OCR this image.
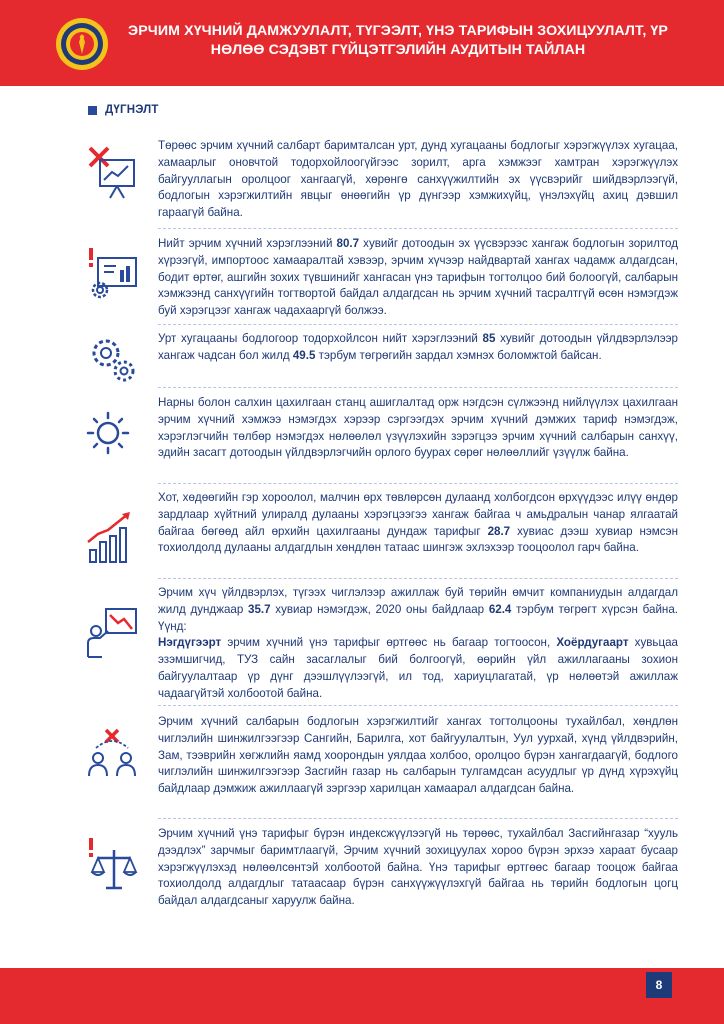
ЭРЧИМ ХҮЧНИЙ ДАМЖУУЛАЛТ, ТҮГЭЭЛТ, ҮНЭ ТАРИФЫН ЗОХИЦУУЛАЛТ, ҮР
НӨЛӨӨ СЭДЭВТ ГҮЙЦЭТГЭЛИЙН АУДИТЫН ТАЙЛАН
ДҮГНЭЛТ
Төрөөс эрчим хүчний салбарт баримталсан урт, дунд хугацааны бодлогыг хэрэгжүүлэх хугацаа, хамаарлыг оновчтой тодорхойлоогүйгээс зорилт, арга хэмжээг хамтран хэрэгжүүлэх байгууллагын оролцоог хангаагүй, хөрөнгө санхүүжилтийн эх үүсвэрийг шийдвэрлээгүй, бодлогын хэрэгжилтийн явцыг өнөөгийн үр дүнгээр хэмжихүйц, үнэлэхүйц ахиц дэвшил гараагүй байна.
Нийт эрчим хүчний хэрэглээний 80.7 хувийг дотоодын эх үүсвэрээс хангаж бодлогын зорилтод хүрээгүй, импортоос хамааралтай хэвээр, эрчим хүчээр найдвартай хангах чадамж алдагдсан, бодит өртөг, ашгийн зохих түвшинийг хангасан үнэ тарифын тогтолцоо бий болоогүй, салбарын хэмжээнд санхүүгийн тогтвортой байдал алдагдсан нь эрчим хүчний тасралтгүй өсөн нэмэгдэж буй хэрэгцээг хангаж чадахааргүй болжээ.
Урт хугацааны бодлогоор тодорхойлсон нийт хэрэглээний 85 хувийг дотоодын үйлдвэрлэлээр хангаж чадсан бол жилд 49.5 тэрбум төгрөгийн зардал хэмнэх боломжтой байсан.
Нарны болон салхин цахилгаан станц ашиглалтад орж нэгдсэн сүлжээнд нийлүүлэх цахилгаан эрчим хүчний хэмжээ нэмэгдэх хэрээр сэргээгдэх эрчим хүчний дэмжих тариф нэмэгдэж, хэрэглэгчийн төлбөр нэмэгдэх нөлөөлөл үзүүлэхийн зэрэгцээ эрчим хүчний салбарын санхүү, эдийн засагт дотоодын үйлдвэрлэгчийн орлого буурах сөрөг нөлөөллийг үзүүлж байна.
Хот, хөдөөгийн гэр хороолол, малчин өрх төвлөрсөн дулаанд холбогдсон өрхүүдээс илүү өндөр зардлаар хүйтний улиралд дулааны хэрэгцээгээ хангаж байгаа ч амьдралын чанар ялгаатай байгаа бөгөөд айл өрхийн цахилгааны дундаж тарифыг 28.7 хувиас дээш хувиар нэмсэн тохиолдолд дулааны алдагдлын хөндлөн татаас шингэж эхлэхээр тооцоолол гарч байна.
Эрчим хүч үйлдвэрлэх, түгээх чиглэлээр ажиллаж буй төрийн өмчит компаниудын алдагдал жилд дунджаар 35.7 хувиар нэмэгдэж, 2020 оны байдлаар 62.4 тэрбум төгрөгт хүрсэн байна. Үүнд:
Нэгдүгээрт эрчим хүчний үнэ тарифыг өртгөөс нь багаар тогтоосон, Хоёрдугаарт хувьцаа эзэмшигчид, ТУЗ сайн засаглалыг бий болгоогүй, өөрийн үйл ажиллагааны зохион байгуулалтаар үр дүнг дээшлүүлээгүй, ил тод, хариуцлагатай, үр нөлөөтэй ажиллаж чадаагүйтэй холбоотой байна.
Эрчим хүчний салбарын бодлогын хэрэгжилтийг хангах тогтолцооны тухайлбал, хөндлөн чиглэлийн шинжилгээгээр Сангийн, Барилга, хот байгуулалтын, Уул уурхай, хүнд үйлдвэрийн, Зам, тээврийн хөгжлийн яамд хоорондын уялдаа холбоо, оролцоо бүрэн хангагдаагүй, бодлого чиглэлийн шинжилгээгээр Засгийн газар нь салбарын тулгамдсан асуудлыг үр дүнд хүрэхүйц байдлаар дэмжиж ажиллаагүй зэргээр харилцан хамаарал алдагдсан байна.
Эрчим хүчний үнэ тарифыг бүрэн индексжүүлээгүй нь төрөөс, тухайлбал Засгийнгазар “хууль дээдлэх” зарчмыг баримтлаагүй, Эрчим хүчний зохицуулах хороо бүрэн эрхээ хараат бусаар хэрэгжүүлэхэд нөлөөлсөнтэй холбоотой байна. Үнэ тарифыг өртгөөс багаар тооцож байгаа тохиолдолд алдагдлыг татаасаар бүрэн санхүүжүүлэхгүй байгаа нь төрийн бодлогын цогц байдал алдагдсаныг харуулж байна.
8
